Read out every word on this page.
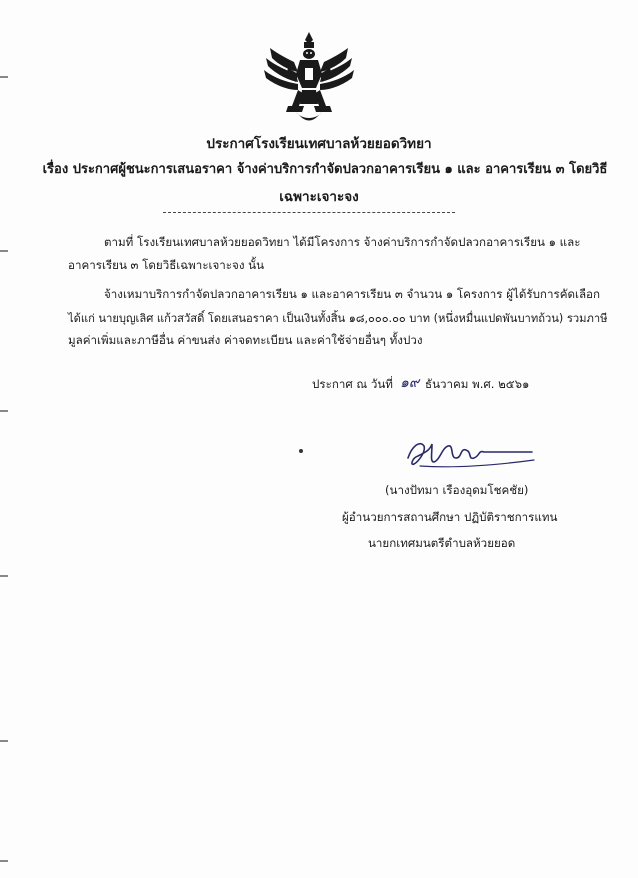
ประกาศโรงเรียนเทศบาลห้วยยอดวิทยา
เรื่อง ประกาศผู้ชนะการเสนอราคา จ้างค่าบริการกำจัดปลวกอาคารเรียน ๑ และ อาคารเรียน ๓ โดยวิธี
เฉพาะเจาะจง
ตามที่ โรงเรียนเทศบาลห้วยยอดวิทยา ได้มีโครงการ จ้างค่าบริการกำจัดปลวกอาคารเรียน ๑ และ
อาคารเรียน ๓ โดยวิธีเฉพาะเจาะจง นั้น
จ้างเหมาบริการกำจัดปลวกอาคารเรียน ๑ และอาคารเรียน ๓ จำนวน ๑ โครงการ ผู้ได้รับการคัดเลือก
ได้แก่ นายบุญเลิศ แก้วสวัสดิ์ โดยเสนอราคา เป็นเงินทั้งสิ้น ๑๘,๐๐๐.๐๐ บาท (หนึ่งหมื่นแปดพันบาทถ้วน) รวมภาษี
มูลค่าเพิ่มและภาษีอื่น ค่าขนส่ง ค่าจดทะเบียน และค่าใช้จ่ายอื่นๆ ทั้งปวง
ประกาศ ณ วันที่ ๑๙ ธันวาคม พ.ศ. ๒๕๖๑
(นางปัทมา เรืองอุดมโชคชัย)
ผู้อำนวยการสถานศึกษา ปฏิบัติราชการแทน
นายกเทศมนตรีตำบลห้วยยอด
